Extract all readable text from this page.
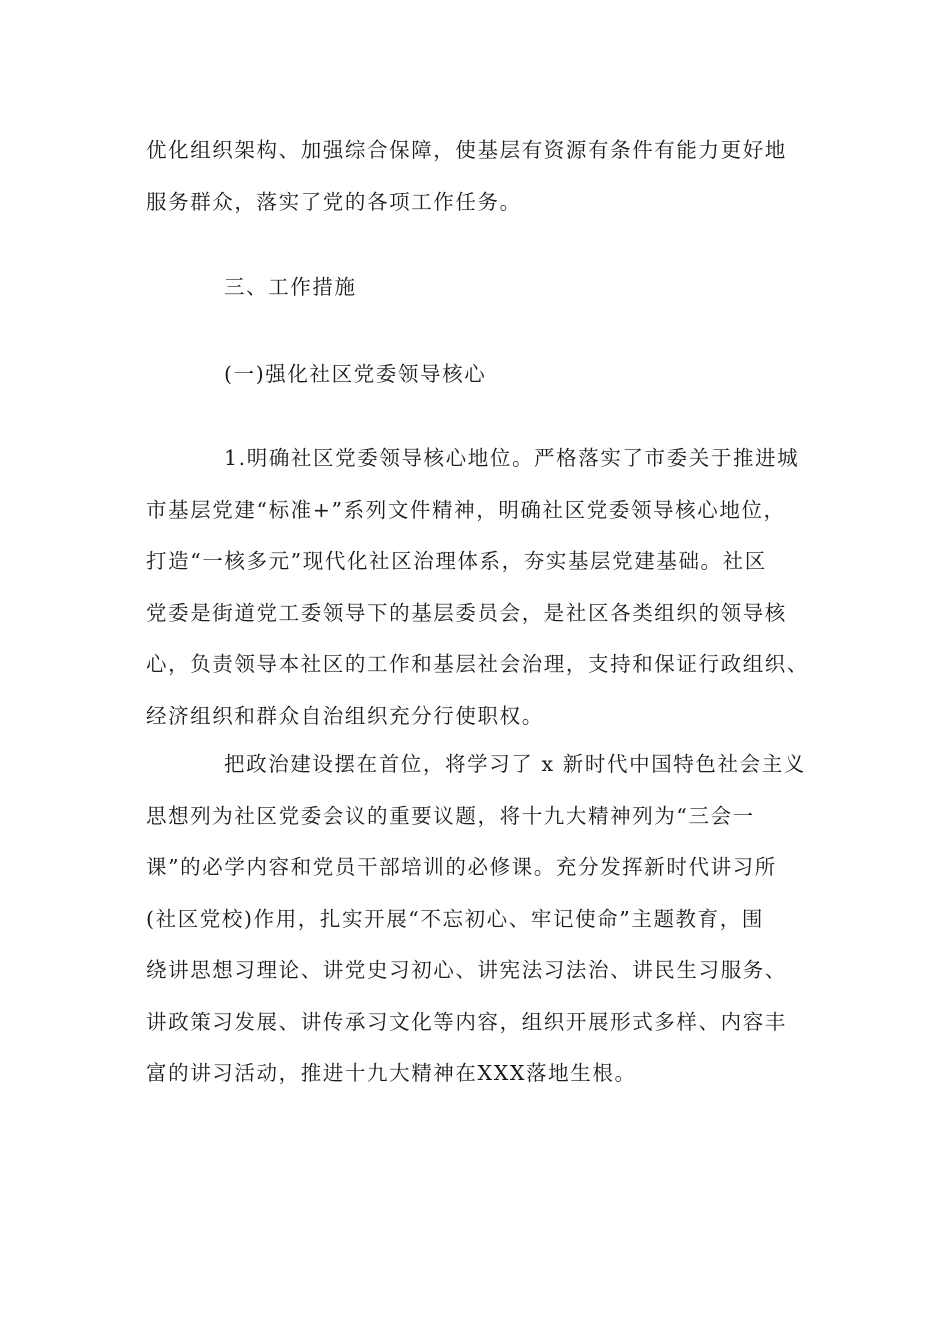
优化组织架构、加强综合保障，使基层有资源有条件有能力更好地
服务群众，落实了党的各项工作任务。
三、工作措施
(一)强化社区党委领导核心
1.明确社区党委领导核心地位。严格落实了市委关于推进城
市基层党建“标准+”系列文件精神，明确社区党委领导核心地位，
打造“一核多元”现代化社区治理体系，夯实基层党建基础。社区
党委是街道党工委领导下的基层委员会，是社区各类组织的领导核
心，负责领导本社区的工作和基层社会治理，支持和保证行政组织、
经济组织和群众自治组织充分行使职权。
把政治建设摆在首位，将学习了 x 新时代中国特色社会主义
思想列为社区党委会议的重要议题，将十九大精神列为“三会一
课”的必学内容和党员干部培训的必修课。充分发挥新时代讲习所
(社区党校)作用，扎实开展“不忘初心、牢记使命”主题教育，围
绕讲思想习理论、讲党史习初心、讲宪法习法治、讲民生习服务、
讲政策习发展、讲传承习文化等内容，组织开展形式多样、内容丰
富的讲习活动，推进十九大精神在XXX落地生根。
